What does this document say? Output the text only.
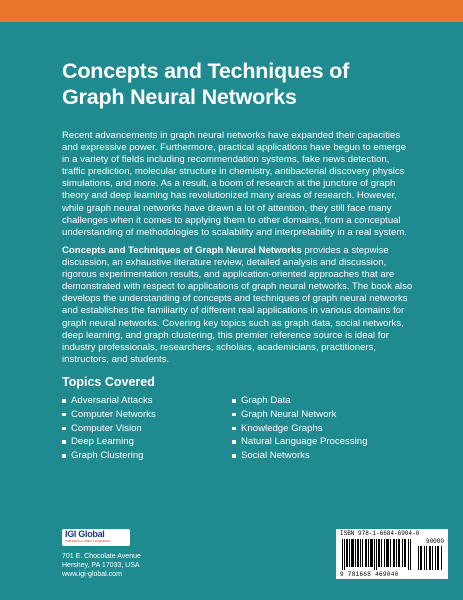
Concepts and Techniques of
Graph Neural Networks

Recent advancements in graph neural networks have expanded their capacities and expressive power. Furthermore, practical applications have begun to emerge in a variety of fields including recommendation systems, fake news detection, traffic prediction, molecular structure in chemistry, antibacterial discovery physics simulations, and more. As a result, a boom of research at the juncture of graph theory and deep learning has revolutionized many areas of research. However, while graph neural networks have drawn a lot of attention, they still face many challenges when it comes to applying them to other domains, from a conceptual understanding of methodologies to scalability and interpretability in a real system.

Concepts and Techniques of Graph Neural Networks provides a stepwise discussion, an exhaustive literature review, detailed analysis and discussion, rigorous experimentation results, and application-oriented approaches that are demonstrated with respect to applications of graph neural networks. The book also develops the understanding of concepts and techniques of graph neural networks and establishes the familiarity of different real applications in various domains for graph neural networks. Covering key topics such as graph data, social networks, deep learning, and graph clustering, this premier reference source is ideal for industry professionals, researchers, scholars, academicians, practitioners, instructors, and students.

Topics Covered
Adversarial Attacks
Computer Networks
Computer Vision
Deep Learning
Graph Clustering
Graph Data
Graph Neural Network
Knowledge Graphs
Natural Language Processing
Social Networks
IGI Global
PUBLISHER of TIMELY KNOWLEDGE
701 E. Chocolate Avenue
Hershey, PA 17033, USA
www.igi-global.com
ISBN 978-1-6684-6904-0
90000
9 781668 469040
